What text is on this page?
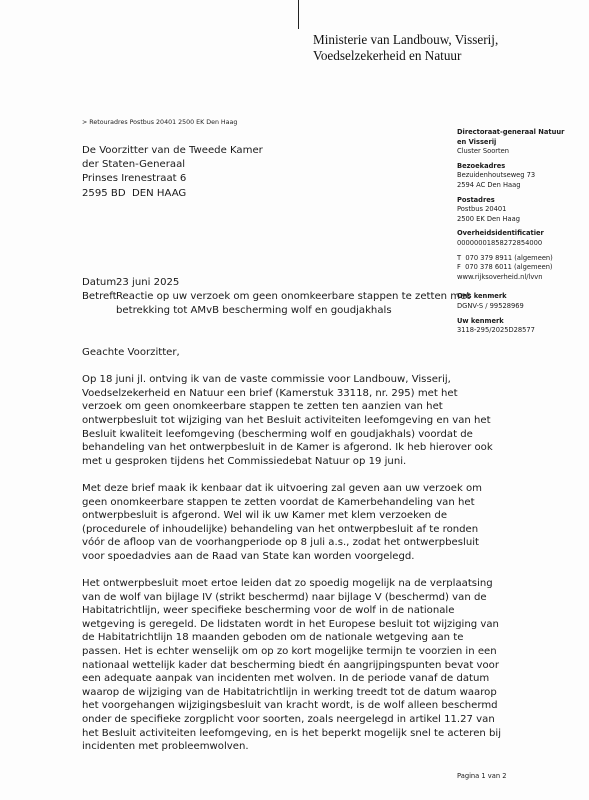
Ministerie van Landbouw, Visserij,
Voedselzekerheid en Natuur
> Retouradres Postbus 20401 2500 EK Den Haag
De Voorzitter van de Tweede Kamer
der Staten-Generaal
Prinses Irenestraat 6
2595 BD  DEN HAAG
Directoraat-generaal Natuur
en Visserij
Cluster Soorten
Bezoekadres
Bezuidenhoutseweg 73
2594 AC Den Haag
Postadres
Postbus 20401
2500 EK Den Haag
Overheidsidentificatier
00000001858272854000
T  070 379 8911 (algemeen)
F  070 378 6011 (algemeen)
www.rijksoverheid.nl/lvvn
Ons kenmerk
DGNV-S / 99528969
Uw kenmerk
3118-295/2025D28577
Datum 23 juni 2025
Betreft Reactie op uw verzoek om geen onomkeerbare stappen te zetten met
betrekking tot AMvB bescherming wolf en goudjakhals

Geachte Voorzitter,

Op 18 juni jl. ontving ik van de vaste commissie voor Landbouw, Visserij,
Voedselzekerheid en Natuur een brief (Kamerstuk 33118, nr. 295) met het
verzoek om geen onomkeerbare stappen te zetten ten aanzien van het
ontwerpbesluit tot wijziging van het Besluit activiteiten leefomgeving en van het
Besluit kwaliteit leefomgeving (bescherming wolf en goudjakhals) voordat de
behandeling van het ontwerpbesluit in de Kamer is afgerond. Ik heb hierover ook
met u gesproken tijdens het Commissiedebat Natuur op 19 juni.

Met deze brief maak ik kenbaar dat ik uitvoering zal geven aan uw verzoek om
geen onomkeerbare stappen te zetten voordat de Kamerbehandeling van het
ontwerpbesluit is afgerond. Wel wil ik uw Kamer met klem verzoeken de
(procedurele of inhoudelijke) behandeling van het ontwerpbesluit af te ronden
vóór de afloop van de voorhangperiode op 8 juli a.s., zodat het ontwerpbesluit
voor spoedadvies aan de Raad van State kan worden voorgelegd.

Het ontwerpbesluit moet ertoe leiden dat zo spoedig mogelijk na de verplaatsing
van de wolf van bijlage IV (strikt beschermd) naar bijlage V (beschermd) van de
Habitatrichtlijn, weer specifieke bescherming voor de wolf in de nationale
wetgeving is geregeld. De lidstaten wordt in het Europese besluit tot wijziging van
de Habitatrichtlijn 18 maanden geboden om de nationale wetgeving aan te
passen. Het is echter wenselijk om op zo kort mogelijke termijn te voorzien in een
nationaal wettelijk kader dat bescherming biedt én aangrijpingspunten bevat voor
een adequate aanpak van incidenten met wolven. In de periode vanaf de datum
waarop de wijziging van de Habitatrichtlijn in werking treedt tot de datum waarop
het voorgehangen wijzigingsbesluit van kracht wordt, is de wolf alleen beschermd
onder de specifieke zorgplicht voor soorten, zoals neergelegd in artikel 11.27 van
het Besluit activiteiten leefomgeving, en is het beperkt mogelijk snel te acteren bij
incidenten met probleemwolven.

Pagina 1 van 2
